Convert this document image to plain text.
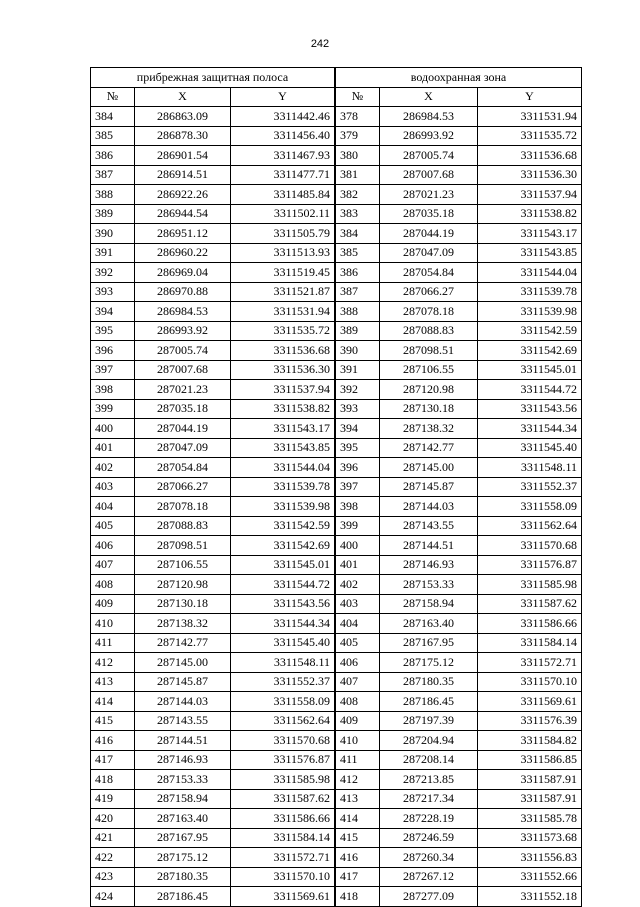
242
прибрежная защитная полоса		
№	X	Y
384	286863.09	3311442.46
385	286878.30	3311456.40
386	286901.54	3311467.93
387	286914.51	3311477.71
388	286922.26	3311485.84
389	286944.54	3311502.11
390	286951.12	3311505.79
391	286960.22	3311513.93
392	286969.04	3311519.45
393	286970.88	3311521.87
394	286984.53	3311531.94
395	286993.92	3311535.72
396	287005.74	3311536.68
397	287007.68	3311536.30
398	287021.23	3311537.94
399	287035.18	3311538.82
400	287044.19	3311543.17
401	287047.09	3311543.85
402	287054.84	3311544.04
403	287066.27	3311539.78
404	287078.18	3311539.98
405	287088.83	3311542.59
406	287098.51	3311542.69
407	287106.55	3311545.01
408	287120.98	3311544.72
409	287130.18	3311543.56
410	287138.32	3311544.34
411	287142.77	3311545.40
412	287145.00	3311548.11
413	287145.87	3311552.37
414	287144.03	3311558.09
415	287143.55	3311562.64
416	287144.51	3311570.68
417	287146.93	3311576.87
418	287153.33	3311585.98
419	287158.94	3311587.62
420	287163.40	3311586.66
421	287167.95	3311584.14
422	287175.12	3311572.71
423	287180.35	3311570.10
424	287186.45	3311569.61
водоохранная зона		
№	X	Y
378	286984.53	3311531.94
379	286993.92	3311535.72
380	287005.74	3311536.68
381	287007.68	3311536.30
382	287021.23	3311537.94
383	287035.18	3311538.82
384	287044.19	3311543.17
385	287047.09	3311543.85
386	287054.84	3311544.04
387	287066.27	3311539.78
388	287078.18	3311539.98
389	287088.83	3311542.59
390	287098.51	3311542.69
391	287106.55	3311545.01
392	287120.98	3311544.72
393	287130.18	3311543.56
394	287138.32	3311544.34
395	287142.77	3311545.40
396	287145.00	3311548.11
397	287145.87	3311552.37
398	287144.03	3311558.09
399	287143.55	3311562.64
400	287144.51	3311570.68
401	287146.93	3311576.87
402	287153.33	3311585.98
403	287158.94	3311587.62
404	287163.40	3311586.66
405	287167.95	3311584.14
406	287175.12	3311572.71
407	287180.35	3311570.10
408	287186.45	3311569.61
409	287197.39	3311576.39
410	287204.94	3311584.82
411	287208.14	3311586.85
412	287213.85	3311587.91
413	287217.34	3311587.91
414	287228.19	3311585.78
415	287246.59	3311573.68
416	287260.34	3311556.83
417	287267.12	3311552.66
418	287277.09	3311552.18
